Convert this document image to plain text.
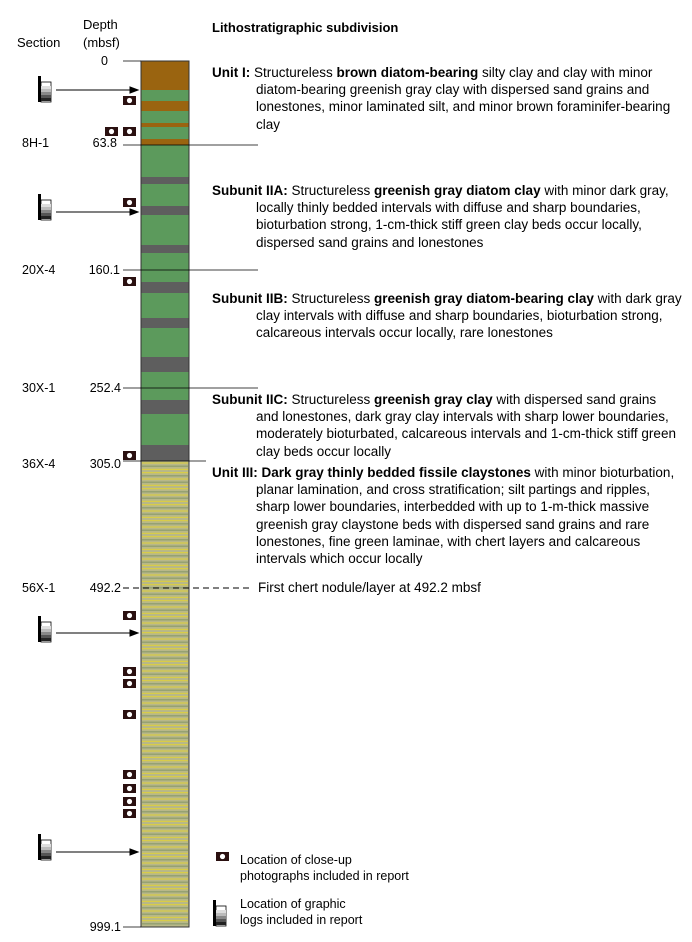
Section
Depth
(mbsf)
Lithostratigraphic subdivision
0
8H-1	63.8
20X-4	160.1
30X-1	252.4
36X-4	305.0
56X-1	492.2
999.1

Unit I: Structureless brown diatom-bearing silty clay and clay with minor diatom-bearing greenish gray clay with dispersed sand grains and lonestones, minor laminated silt, and minor brown foraminifer-bearing clay

Subunit IIA: Structureless greenish gray diatom clay with minor dark gray, locally thinly bedded intervals with diffuse and sharp boundaries, bioturbation strong, 1-cm-thick stiff green clay beds occur locally, dispersed sand grains and lonestones

Subunit IIB: Structureless greenish gray diatom-bearing clay with dark gray clay intervals with diffuse and sharp boundaries, bioturbation strong, calcareous intervals occur locally, rare lonestones

Subunit IIC: Structureless greenish gray clay with dispersed sand grains and lonestones, dark gray clay intervals with sharp lower boundaries, moderately bioturbated, calcareous intervals and 1-cm-thick stiff green clay beds occur locally

Unit III: Dark gray thinly bedded fissile claystones with minor bioturbation, planar lamination, and cross stratification; silt partings and ripples, sharp lower boundaries, interbedded with up to 1-m-thick massive greenish gray claystone beds with dispersed sand grains and rare lonestones, fine green laminae, with chert layers and calcareous intervals which occur locally

First chert nodule/layer at 492.2 mbsf
Location of close-up
photographs included in report
Location of graphic
logs included in report
